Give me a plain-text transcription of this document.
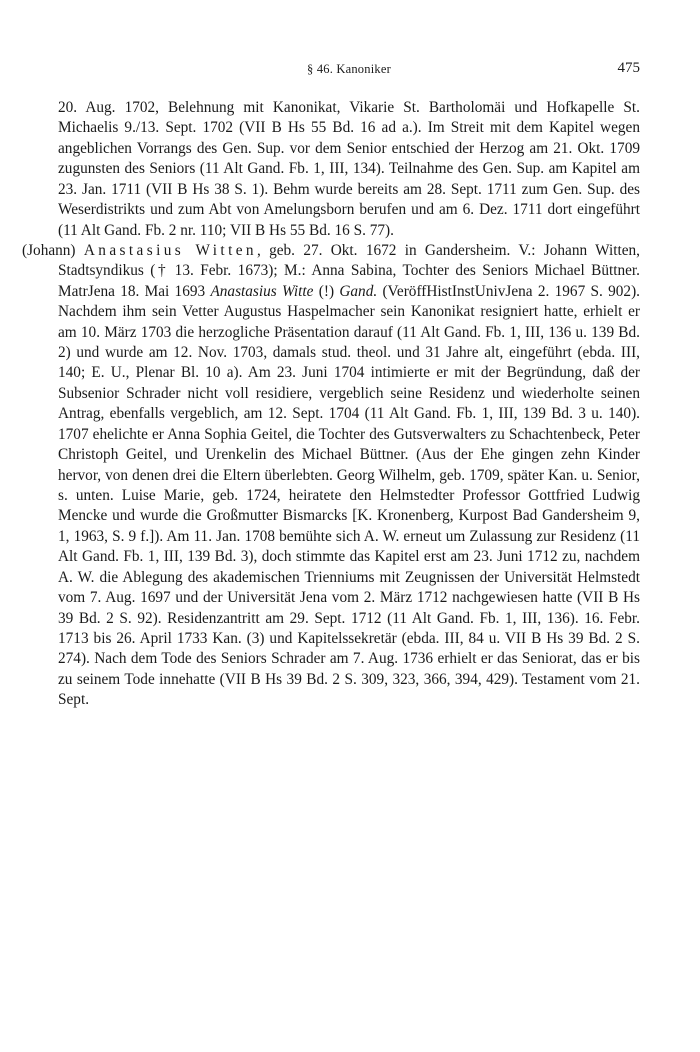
§ 46. Kanoniker	475

20. Aug. 1702, Belehnung mit Kanonikat, Vikarie St. Bartholomäi und Hofkapelle St. Michaelis 9./13. Sept. 1702 (VII B Hs 55 Bd. 16 ad a.). Im Streit mit dem Kapitel wegen angeblichen Vorrangs des Gen. Sup. vor dem Senior entschied der Herzog am 21. Okt. 1709 zugunsten des Seniors (11 Alt Gand. Fb. 1, III, 134). Teilnahme des Gen. Sup. am Kapitel am 23. Jan. 1711 (VII B Hs 38 S. 1). Behm wurde bereits am 28. Sept. 1711 zum Gen. Sup. des Weserdistrikts und zum Abt von Amelungsborn berufen und am 6. Dez. 1711 dort eingeführt (11 Alt Gand. Fb. 2 nr. 110; VII B Hs 55 Bd. 16 S. 77).

(Johann) Anastasius Witten, geb. 27. Okt. 1672 in Gandersheim. V.: Johann Witten, Stadtsyndikus († 13. Febr. 1673); M.: Anna Sabina, Tochter des Seniors Michael Büttner. MatrJena 18. Mai 1693 Anastasius Witte (!) Gand. (VeröffHistInstUnivJena 2. 1967 S. 902). Nachdem ihm sein Vetter Augustus Haspelmacher sein Kanonikat resigniert hatte, erhielt er am 10. März 1703 die herzogliche Präsentation darauf (11 Alt Gand. Fb. 1, III, 136 u. 139 Bd. 2) und wurde am 12. Nov. 1703, damals stud. theol. und 31 Jahre alt, eingeführt (ebda. III, 140; E. U., Plenar Bl. 10 a). Am 23. Juni 1704 intimierte er mit der Begründung, daß der Subsenior Schrader nicht voll residiere, vergeblich seine Residenz und wiederholte seinen Antrag, ebenfalls vergeblich, am 12. Sept. 1704 (11 Alt Gand. Fb. 1, III, 139 Bd. 3 u. 140). 1707 ehelichte er Anna Sophia Geitel, die Tochter des Gutsverwalters zu Schachtenbeck, Peter Christoph Geitel, und Urenkelin des Michael Büttner. (Aus der Ehe gingen zehn Kinder hervor, von denen drei die Eltern überlebten. Georg Wilhelm, geb. 1709, später Kan. u. Senior, s. unten. Luise Marie, geb. 1724, heiratete den Helmstedter Professor Gottfried Ludwig Mencke und wurde die Großmutter Bismarcks [K. Kronenberg, Kurpost Bad Gandersheim 9, 1, 1963, S. 9 f.]). Am 11. Jan. 1708 bemühte sich A. W. erneut um Zulassung zur Residenz (11 Alt Gand. Fb. 1, III, 139 Bd. 3), doch stimmte das Kapitel erst am 23. Juni 1712 zu, nachdem A. W. die Ablegung des akademischen Trienniums mit Zeugnissen der Universität Helmstedt vom 7. Aug. 1697 und der Universität Jena vom 2. März 1712 nachgewiesen hatte (VII B Hs 39 Bd. 2 S. 92). Residenzantritt am 29. Sept. 1712 (11 Alt Gand. Fb. 1, III, 136). 16. Febr. 1713 bis 26. April 1733 Kan. (3) und Kapitelssekretär (ebda. III, 84 u. VII B Hs 39 Bd. 2 S. 274). Nach dem Tode des Seniors Schrader am 7. Aug. 1736 erhielt er das Seniorat, das er bis zu seinem Tode innehatte (VII B Hs 39 Bd. 2 S. 309, 323, 366, 394, 429). Testament vom 21. Sept.
